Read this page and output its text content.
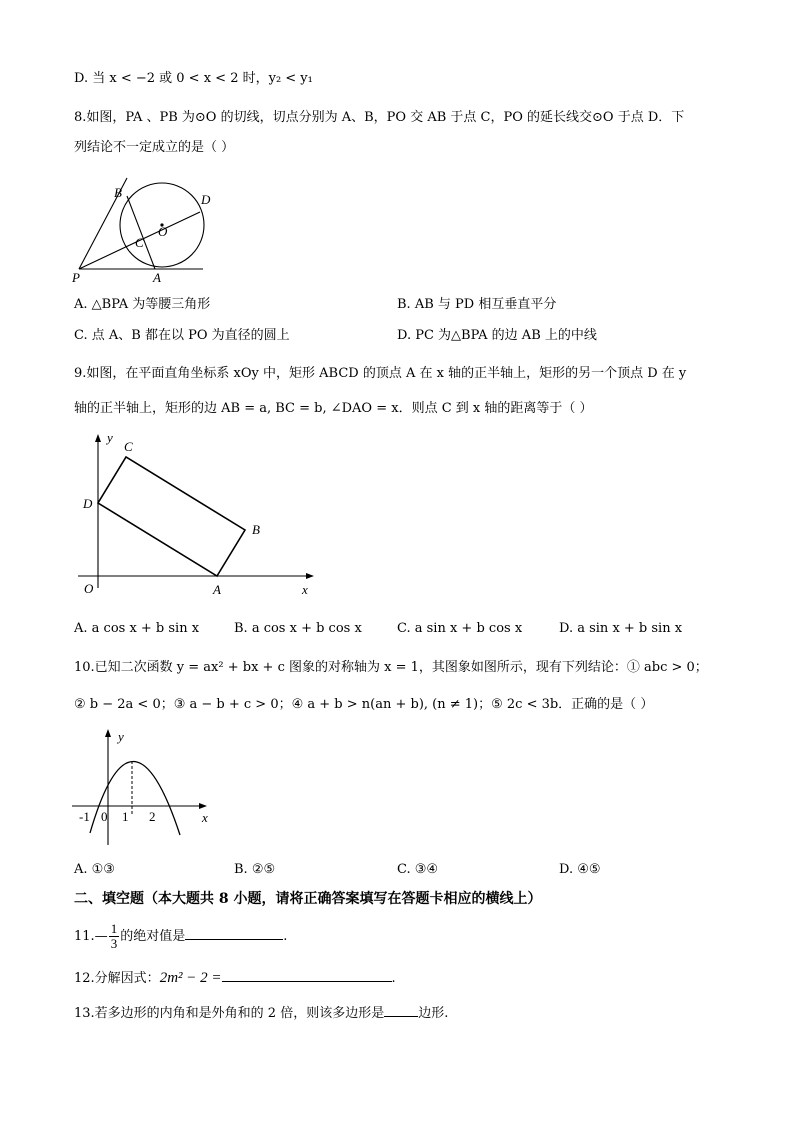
D. 当 x < −2 或 0 < x < 2 时，y₂ < y₁
8.如图，PA 、PB 为⊙O 的切线，切点分别为 A、B，PO 交 AB 于点 C，PO 的延长线交⊙O 于点 D．下
列结论不一定成立的是（ ）
B	D
O
C
P	A
A. △BPA 为等腰三角形	B. AB 与 PD 相互垂直平分
C. 点 A、B 都在以 PO 为直径的圆上	D. PC 为△BPA 的边 AB 上的中线
9.如图，在平面直角坐标系 xOy 中，矩形 ABCD 的顶点 A 在 x 轴的正半轴上，矩形的另一个顶点 D 在 y
轴的正半轴上，矩形的边 AB = a, BC = b, ∠DAO = x．则点 C 到 x 轴的距离等于（ ）
y
C
D
B
O	A	x
A. a cos x + b sin x	B. a cos x + b cos x	C. a sin x + b cos x	D. a sin x + b sin x
10.已知二次函数 y = ax² + bx + c 图象的对称轴为 x = 1，其图象如图所示，现有下列结论：① abc > 0；
② b − 2a < 0；③ a − b + c > 0；④ a + b > n(an + b), (n ≠ 1)；⑤ 2c < 3b．正确的是（ ）
y
x
-1 0 1 2
A. ①③	B. ②⑤	C. ③④	D. ④⑤
二、填空题（本大题共 8 小题，请将正确答案填写在答题卡相应的横线上）
11.— $\frac{1}{3}$ 的绝对值是	.
12.分解因式：2m² − 2 =	.
13.若多边形的内角和是外角和的 2 倍，则该多边形是	边形.
